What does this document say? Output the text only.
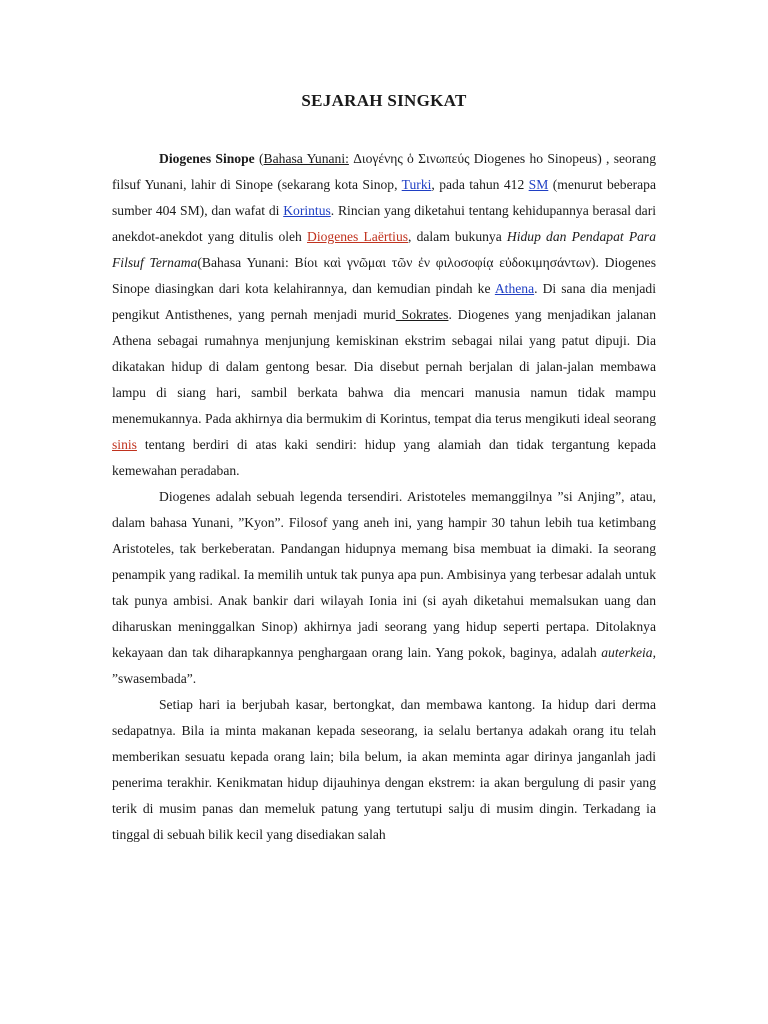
SEJARAH SINGKAT

Diogenes Sinope (Bahasa Yunani: Διογένης ὁ Σινωπεύς Diogenes ho Sinopeus) , seorang filsuf Yunani, lahir di Sinope (sekarang kota Sinop, Turki, pada tahun 412 SM (menurut beberapa sumber 404 SM), dan wafat di Korintus. Rincian yang diketahui tentang kehidupannya berasal dari anekdot-anekdot yang ditulis oleh Diogenes Laërtius, dalam bukunya Hidup dan Pendapat Para Filsuf Ternama(Bahasa Yunani: Βίοι καὶ γνῶμαι τῶν ἐν φιλοσοφίᾳ εὐδοκιμησάντων). Diogenes Sinope diasingkan dari kota kelahirannya, dan kemudian pindah ke Athena. Di sana dia menjadi pengikut Antisthenes, yang pernah menjadi murid Sokrates. Diogenes yang menjadikan jalanan Athena sebagai rumahnya menjunjung kemiskinan ekstrim sebagai nilai yang patut dipuji. Dia dikatakan hidup di dalam gentong besar. Dia disebut pernah berjalan di jalan-jalan membawa lampu di siang hari, sambil berkata bahwa dia mencari manusia namun tidak mampu menemukannya. Pada akhirnya dia bermukim di Korintus, tempat dia terus mengikuti ideal seorang sinis tentang berdiri di atas kaki sendiri: hidup yang alamiah dan tidak tergantung kepada kemewahan peradaban.

Diogenes adalah sebuah legenda tersendiri. Aristoteles memanggilnya ”si Anjing”, atau, dalam bahasa Yunani, ”Kyon”. Filosof yang aneh ini, yang hampir 30 tahun lebih tua ketimbang Aristoteles, tak berkeberatan. Pandangan hidupnya memang bisa membuat ia dimaki. Ia seorang penampik yang radikal. Ia memilih untuk tak punya apa pun. Ambisinya yang terbesar adalah untuk tak punya ambisi. Anak bankir dari wilayah Ionia ini (si ayah diketahui memalsukan uang dan diharuskan meninggalkan Sinop) akhirnya jadi seorang yang hidup seperti pertapa. Ditolaknya kekayaan dan tak diharapkannya penghargaan orang lain. Yang pokok, baginya, adalah auterkeia, ”swasembada”.

Setiap hari ia berjubah kasar, bertongkat, dan membawa kantong. Ia hidup dari derma sedapatnya. Bila ia minta makanan kepada seseorang, ia selalu bertanya adakah orang itu telah memberikan sesuatu kepada orang lain; bila belum, ia akan meminta agar dirinya janganlah jadi penerima terakhir. Kenikmatan hidup dijauhinya dengan ekstrem: ia akan bergulung di pasir yang terik di musim panas dan memeluk patung yang tertutupi salju di musim dingin. Terkadang ia tinggal di sebuah bilik kecil yang disediakan salah
